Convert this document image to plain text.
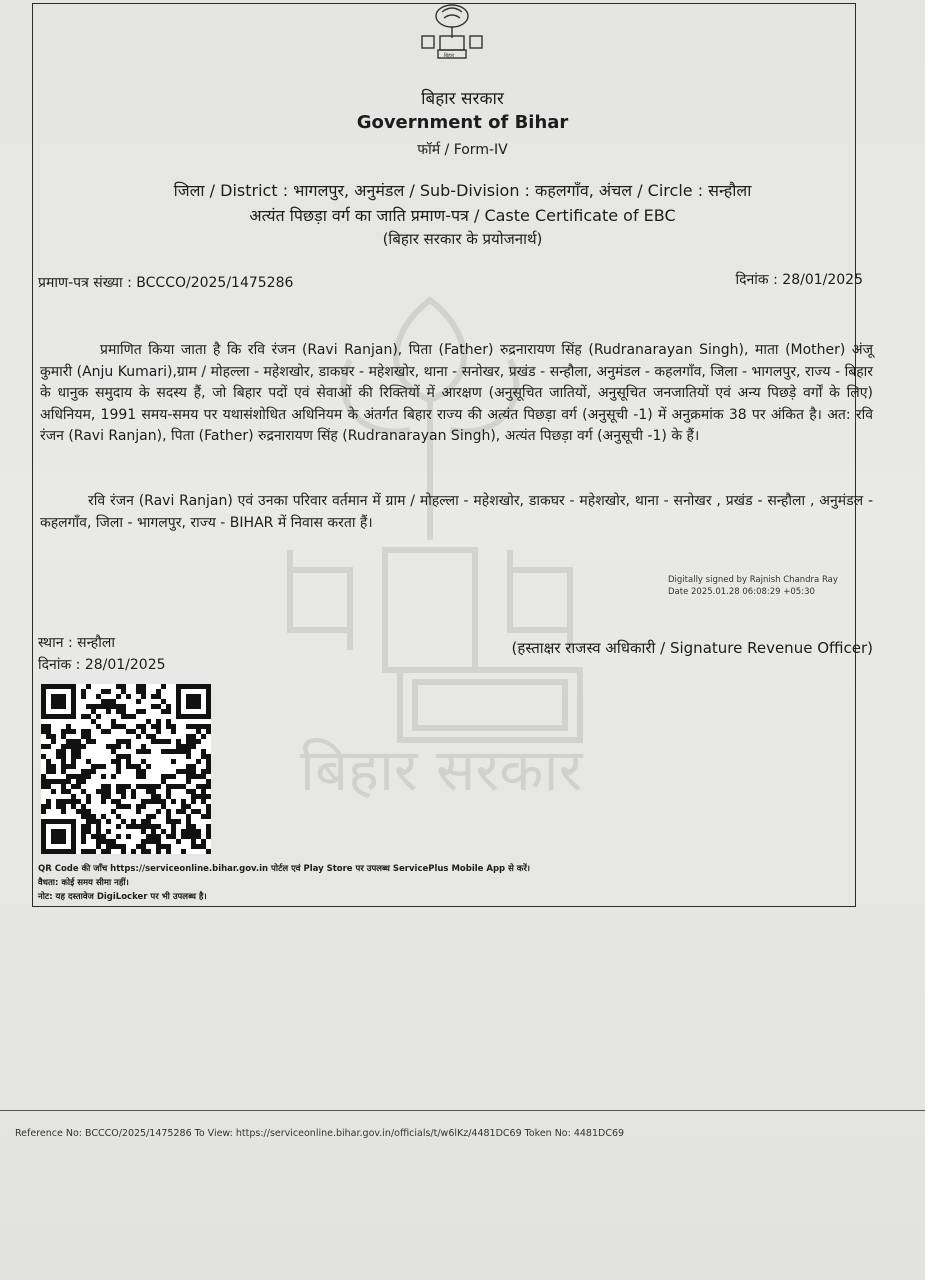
बिहार सरकार
बिहार
बिहार सरकार
Government of Bihar
फॉर्म / Form-IV
जिला / District : भागलपुर, अनुमंडल / Sub-Division : कहलगाँव, अंचल / Circle : सन्हौला
अत्यंत पिछड़ा वर्ग का जाति प्रमाण-पत्र / Caste Certificate of EBC
(बिहार सरकार के प्रयोजनार्थ)
प्रमाण-पत्र संख्या : BCCCO/2025/1475286	दिनांक : 28/01/2025
प्रमाणित किया जाता है कि रवि रंजन (Ravi Ranjan), पिता (Father) रुद्रनारायण सिंह (Rudranarayan Singh), माता (Mother) अंजू कुमारी (Anju Kumari),ग्राम / मोहल्ला - महेशखोर, डाकघर - महेशखोर, थाना - सनोखर, प्रखंड - सन्हौला, अनुमंडल - कहलगाँव, जिला - भागलपुर, राज्य - बिहार के धानुक समुदाय के सदस्य हैं, जो बिहार पदों एवं सेवाओं की रिक्तियों में आरक्षण (अनुसूचित जातियों, अनुसूचित जनजातियों एवं अन्य पिछड़े वर्गों के लिए) अधिनियम, 1991 समय-समय पर यथासंशोधित अधिनियम के अंतर्गत बिहार राज्य की अत्यंत पिछड़ा वर्ग (अनुसूची -1) में अनुक्रमांक 38 पर अंकित है। अत: रवि रंजन (Ravi Ranjan), पिता (Father) रुद्रनारायण सिंह (Rudranarayan Singh), अत्यंत पिछड़ा वर्ग (अनुसूची -1) के हैं।
रवि रंजन (Ravi Ranjan) एवं उनका परिवार वर्तमान में ग्राम / मोहल्ला - महेशखोर, डाकघर - महेशखोर, थाना - सनोखर , प्रखंड - सन्हौला , अनुमंडल - कहलगाँव, जिला - भागलपुर, राज्य - BIHAR में निवास करता हैं।
Digitally signed by Rajnish Chandra Ray
Date 2025.01.28 06:08:29 +05:30
स्थान : सन्हौला
दिनांक : 28/01/2025
(हस्ताक्षर राजस्व अधिकारी / Signature Revenue Officer)
QR Code की जाँच https://serviceonline.bihar.gov.in पोर्टल एवं Play Store पर उपलब्ध ServicePlus Mobile App से करें।
वैधता: कोई समय सीमा नहीं।
नोट: यह दस्तावेज DigiLocker पर भी उपलब्ध है।
Reference No: BCCCO/2025/1475286 To View: https://serviceonline.bihar.gov.in/officials/t/w6lKz/4481DC69 Token No: 4481DC69
